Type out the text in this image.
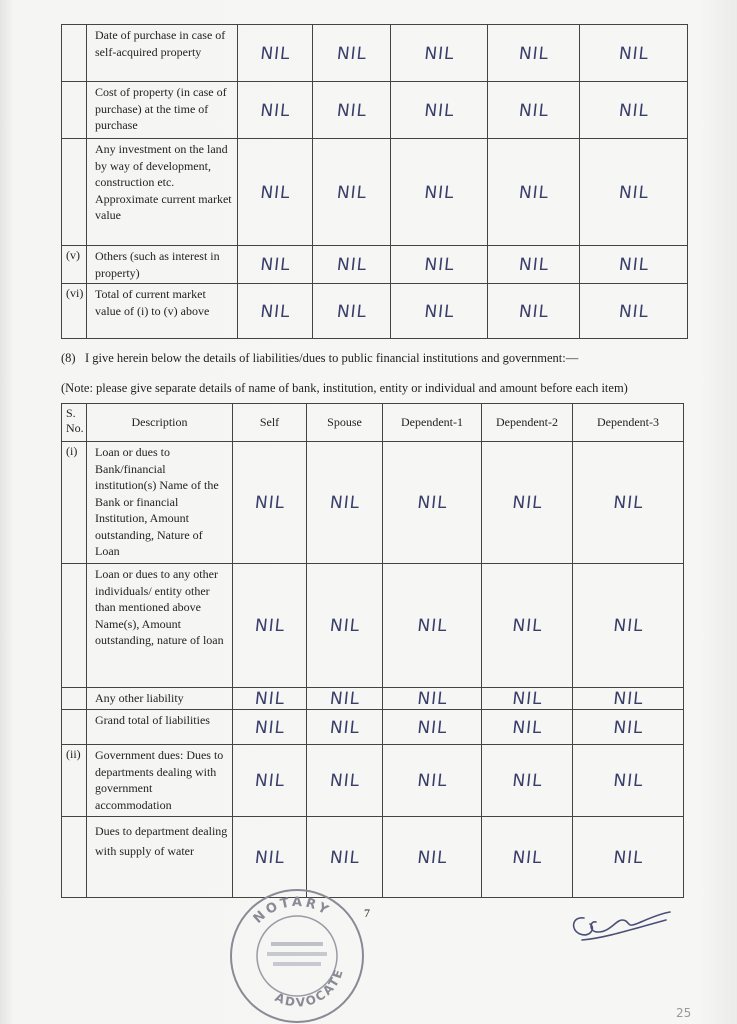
	Date of purchase in case of self-acquired property	NIL	NIL	NIL	NIL	NIL
	Cost of property (in case of purchase) at the time of purchase	NIL	NIL	NIL	NIL	NIL
	Any investment on the land by way of development, construction etc. Approximate current market value	NIL	NIL	NIL	NIL	NIL
(v)	Others (such as interest in property)	NIL	NIL	NIL	NIL	NIL
(vi)	Total of current market value of (i) to (v) above	NIL	NIL	NIL	NIL	NIL
(8)   I give herein below the details of liabilities/dues to public financial institutions and government:—
(Note: please give separate details of name of bank, institution, entity or individual and amount before each item)
S. No.	Description	Self	Spouse	Dependent-1	Dependent-2	Dependent-3
(i)	Loan or dues to Bank/financial institution(s) Name of the Bank or financial Institution, Amount outstanding, Nature of Loan	NIL	NIL	NIL	NIL	NIL
	Loan or dues to any other individuals/ entity other than mentioned above Name(s), Amount outstanding, nature of loan	NIL	NIL	NIL	NIL	NIL
	Any other liability	NIL	NIL	NIL	NIL	NIL
	Grand total of liabilities	NIL	NIL	NIL	NIL	NIL
(ii)	Government dues: Dues to departments dealing with government accommodation	NIL	NIL	NIL	NIL	NIL
	Dues to department dealing with supply of water	NIL	NIL	NIL	NIL	NIL
7
NOTARY
ADVOCATE
25
